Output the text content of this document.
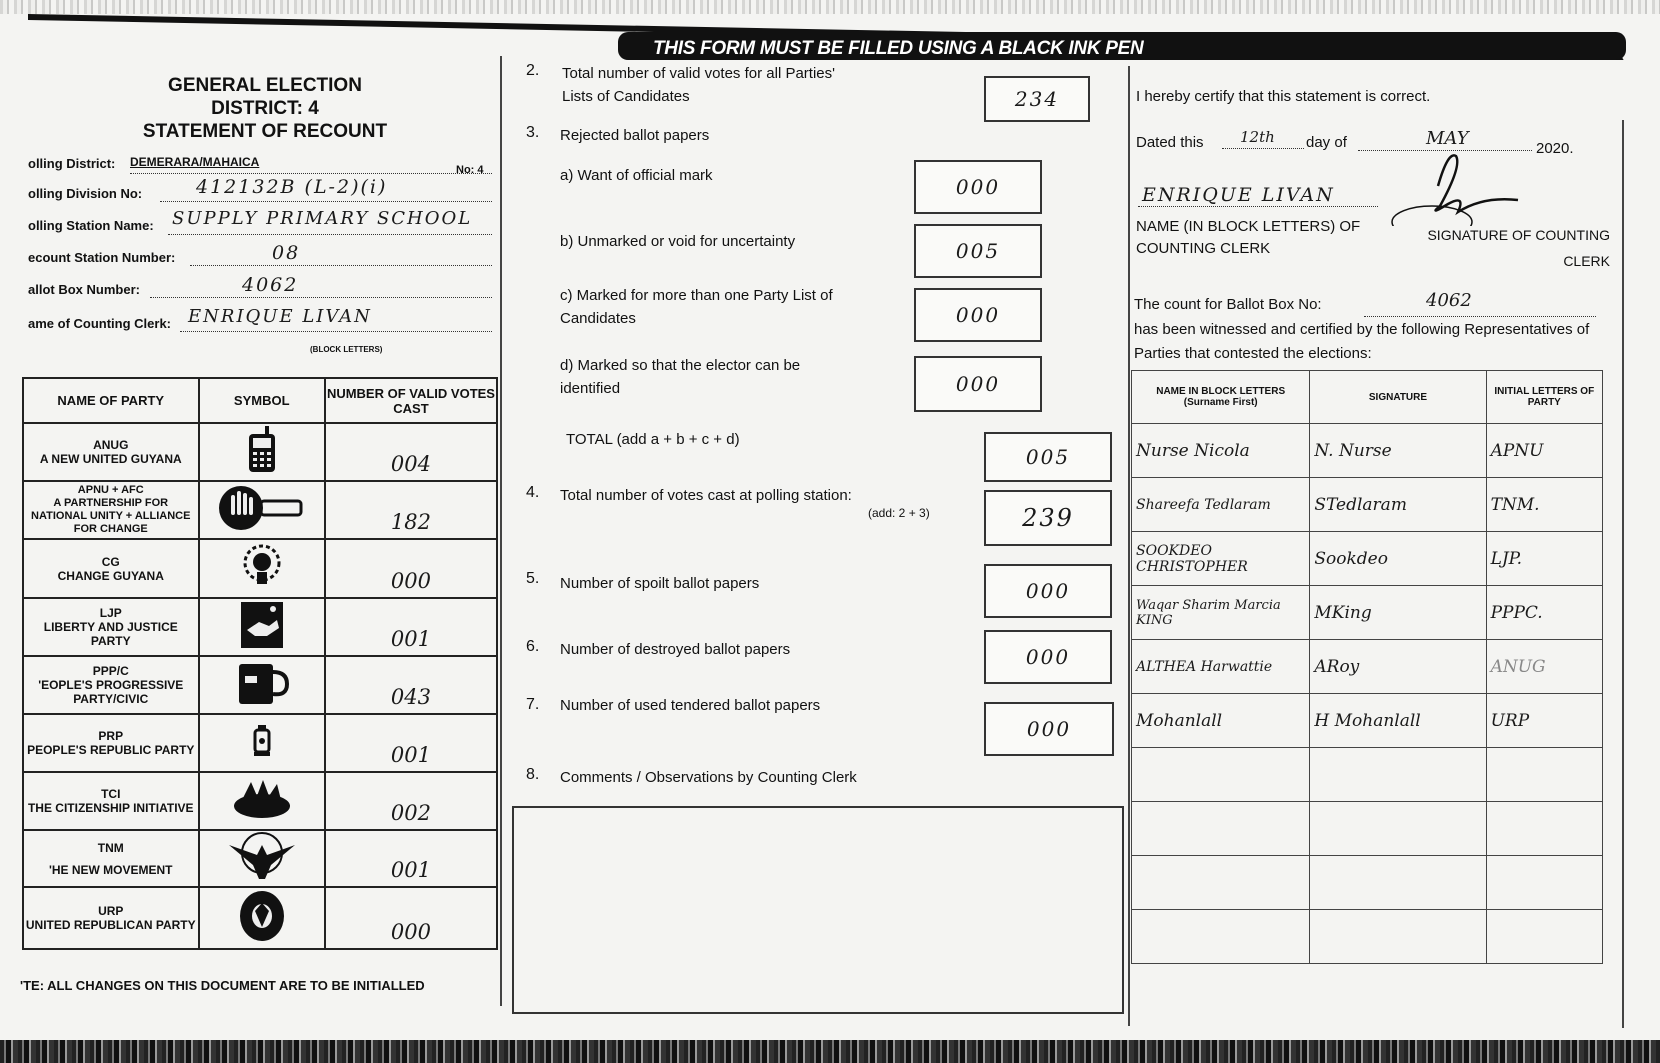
THIS FORM MUST BE FILLED USING A BLACK INK PEN
GENERAL ELECTION
DISTRICT: 4
STATEMENT OF RECOUNT
olling District: DEMERARA/MAHAICA
No: 4
olling Division No:	412132B (L-2)(i)
olling Station Name: SUPPLY PRIMARY SCHOOL
ecount Station Number:	08
allot Box Number:	4062
ame of Counting Clerk: ENRIQUE LIVAN
(BLOCK LETTERS)
NAME OF PARTY	SYMBOL	NUMBER OF VALID VOTES CAST

ANUG
A NEW UNITED GUYANA		004

APNU + AFC
A PARTNERSHIP FOR NATIONAL UNITY + ALLIANCE FOR CHANGE		182

CG
CHANGE GUYANA		000

LJP
LIBERTY AND JUSTICE PARTY		001

PPP/C
'EOPLE'S PROGRESSIVE PARTY/CIVIC		043

PRP
PEOPLE'S REPUBLIC PARTY		001

TCI
THE CITIZENSHIP INITIATIVE		002

TNM
'HE NEW MOVEMENT		001

URP
UNITED REPUBLICAN PARTY		000
'TE: ALL CHANGES ON THIS DOCUMENT ARE TO BE INITIALLED
2. Total number of valid votes for all Parties' Lists of Candidates	234
3. Rejected ballot papers
a) Want of official mark	000
b) Unmarked or void for uncertainty	005
c) Marked for more than one Party List of Candidates	000
d) Marked so that the elector can be identified	000
TOTAL (add a + b + c + d)
005
4. Total number of votes cast at polling station:
(add: 2 + 3)	239
5. Number of spoilt ballot papers	000
6. Number of destroyed ballot papers	000
7. Number of used tendered ballot papers
000
8. Comments / Observations by Counting Clerk
I hereby certify that this statement is correct.
Dated this 12th day of	MAY	2020.
ENRIQUE LIVAN
NAME (IN BLOCK LETTERS) OF COUNTING CLERK
SIGNATURE OF COUNTING CLERK
The count for Ballot Box No:	4062
has been witnessed and certified by the following Representatives of Parties that contested the elections:
NAME IN BLOCK LETTERS (Surname First)	SIGNATURE	INITIAL LETTERS OF PARTY
Nurse Nicola	N. Nurse	APNU
Shareefa Tedlaram	STedlaram	TNM.
SOOKDEO CHRISTOPHER	Sookdeo	LJP.
Waqar Sharim Marcia KING	MKing	PPPC.
ALTHEA Harwattie	ARoy	ANUG
Mohanlall	H Mohanlall	URP
